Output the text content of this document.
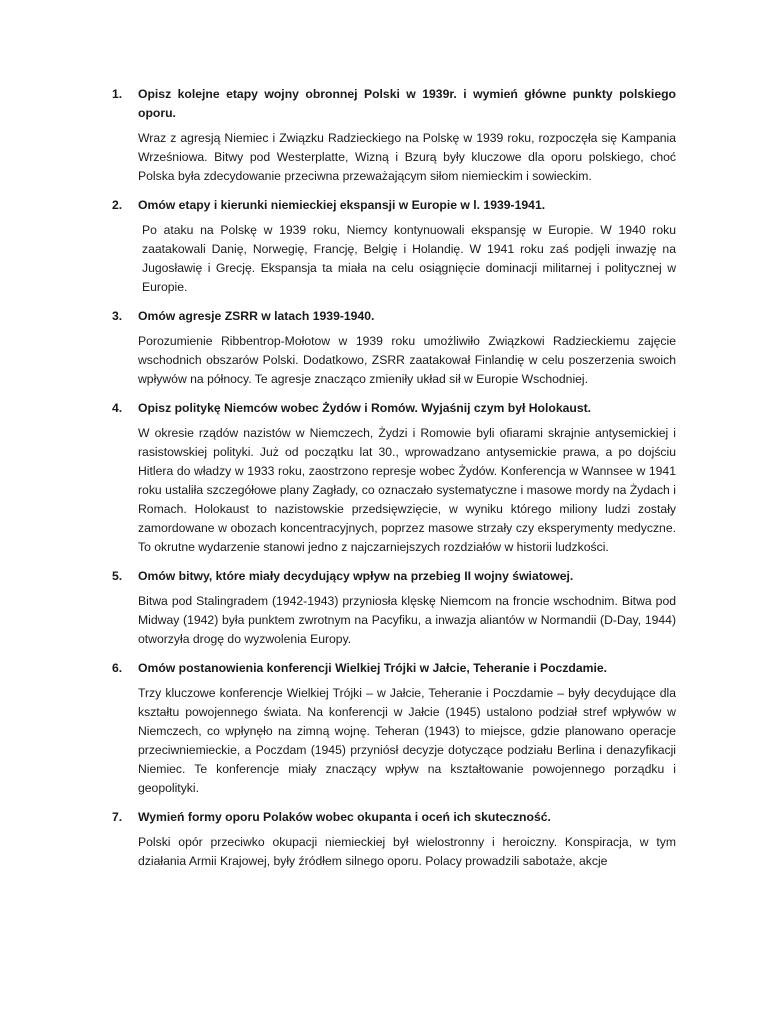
1.	Opisz kolejne etapy wojny obronnej Polski w 1939r. i wymień główne punkty polskiego oporu.
Wraz z agresją Niemiec i Związku Radzieckiego na Polskę w 1939 roku, rozpoczęła się Kampania Wrześniowa. Bitwy pod Westerplatte, Wizną i Bzurą były kluczowe dla oporu polskiego, choć Polska była zdecydowanie przeciwna przeważającym siłom niemieckim i sowieckim.
2.	Omów etapy i kierunki niemieckiej ekspansji w Europie w l. 1939-1941.
Po ataku na Polskę w 1939 roku, Niemcy kontynuowali ekspansję w Europie. W 1940 roku zaatakowali Danię, Norwegię, Francję, Belgię i Holandię. W 1941 roku zaś podjęli inwazję na Jugosławię i Grecję. Ekspansja ta miała na celu osiągnięcie dominacji militarnej i politycznej w Europie.
3.	Omów agresje ZSRR w latach 1939-1940.
Porozumienie Ribbentrop-Mołotow w 1939 roku umożliwiło Związkowi Radzieckiemu zajęcie wschodnich obszarów Polski. Dodatkowo, ZSRR zaatakował Finlandię w celu poszerzenia swoich wpływów na północy. Te agresje znacząco zmieniły układ sił w Europie Wschodniej.
4.	Opisz politykę Niemców wobec Żydów i Romów. Wyjaśnij czym był Holokaust.
W okresie rządów nazistów w Niemczech, Żydzi i Romowie byli ofiarami skrajnie antysemickiej i rasistowskiej polityki. Już od początku lat 30., wprowadzano antysemickie prawa, a po dojściu Hitlera do władzy w 1933 roku, zaostrzono represje wobec Żydów. Konferencja w Wannsee w 1941 roku ustaliła szczegółowe plany Zagłady, co oznaczało systematyczne i masowe mordy na Żydach i Romach. Holokaust to nazistowskie przedsięwzięcie, w wyniku którego miliony ludzi zostały zamordowane w obozach koncentracyjnych, poprzez masowe strzały czy eksperymenty medyczne. To okrutne wydarzenie stanowi jedno z najczarniejszych rozdziałów w historii ludzkości.
5.	Omów bitwy, które miały decydujący wpływ na przebieg II wojny światowej.
Bitwa pod Stalingradem (1942-1943) przyniosła klęskę Niemcom na froncie wschodnim. Bitwa pod Midway (1942) była punktem zwrotnym na Pacyfiku, a inwazja aliantów w Normandii (D-Day, 1944) otworzyła drogę do wyzwolenia Europy.
6.	Omów postanowienia konferencji Wielkiej Trójki w Jałcie, Teheranie i Poczdamie.
Trzy kluczowe konferencje Wielkiej Trójki – w Jałcie, Teheranie i Poczdamie – były decydujące dla kształtu powojennego świata. Na konferencji w Jałcie (1945) ustalono podział stref wpływów w Niemczech, co wpłynęło na zimną wojnę. Teheran (1943) to miejsce, gdzie planowano operacje przeciwniemieckie, a Poczdam (1945) przyniósł decyzje dotyczące podziału Berlina i denazyfikacji Niemiec. Te konferencje miały znaczący wpływ na kształtowanie powojennego porządku i geopolityki.
7.	Wymień formy oporu Polaków wobec okupanta i oceń ich skuteczność.
Polski opór przeciwko okupacji niemieckiej był wielostronny i heroiczny. Konspiracja, w tym działania Armii Krajowej, były źródłem silnego oporu. Polacy prowadzili sabotaże, akcje
